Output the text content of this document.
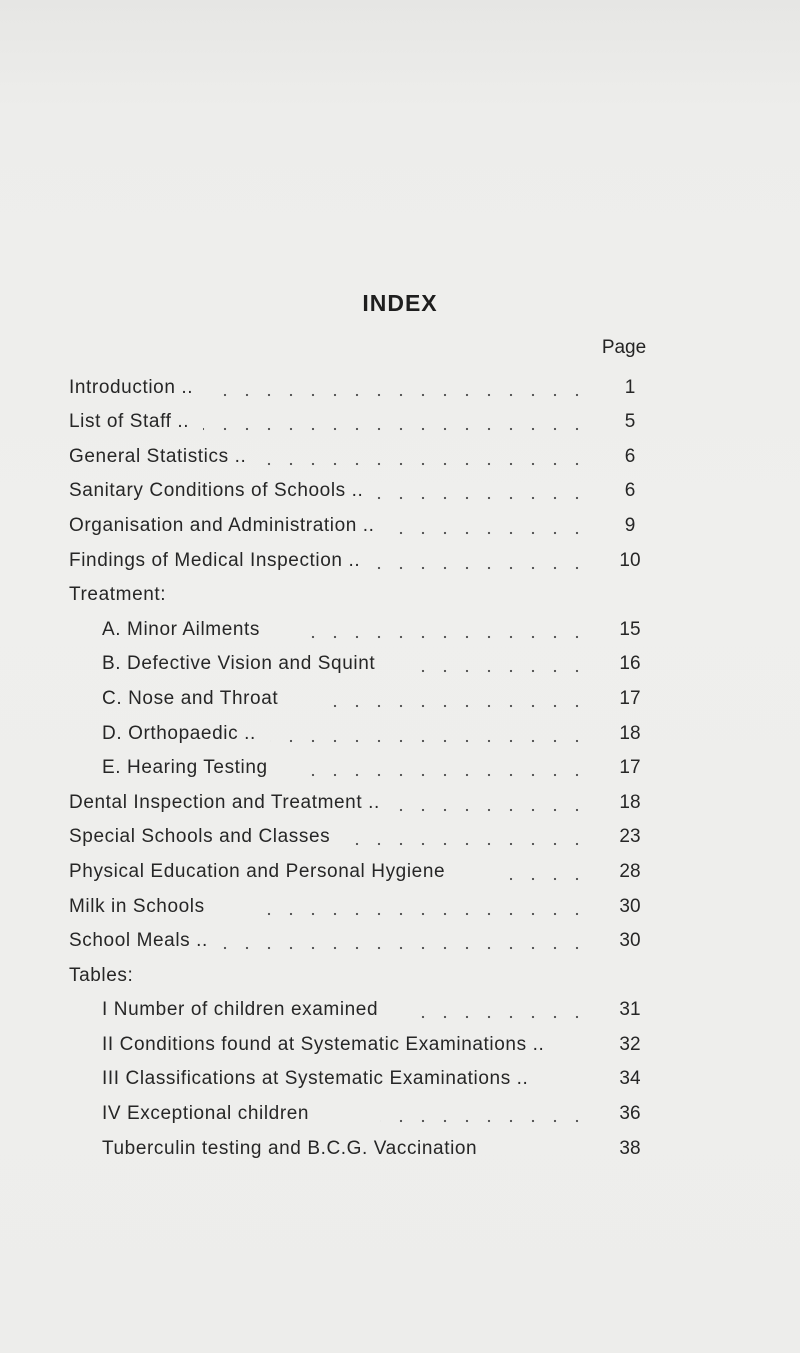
INDEX
Page
Introduction ..	1
List of Staff ..	5
General Statistics ..	6
Sanitary Conditions of Schools ..	6
Organisation and Administration ..	9
Findings of Medical Inspection ..	10
Treatment:
A. Minor Ailments	15
B. Defective Vision and Squint	16
C. Nose and Throat	17
D. Orthopaedic ..	18
E. Hearing Testing	17
Dental Inspection and Treatment ..	18
Special Schools and Classes	23
Physical Education and Personal Hygiene	28
Milk in Schools	30
School Meals ..	30
Tables:
I Number of children examined	31
II Conditions found at Systematic Examinations ..	32
III Classifications at Systematic Examinations ..	34
IV Exceptional children	36
Tuberculin testing and B.C.G. Vaccination	38
